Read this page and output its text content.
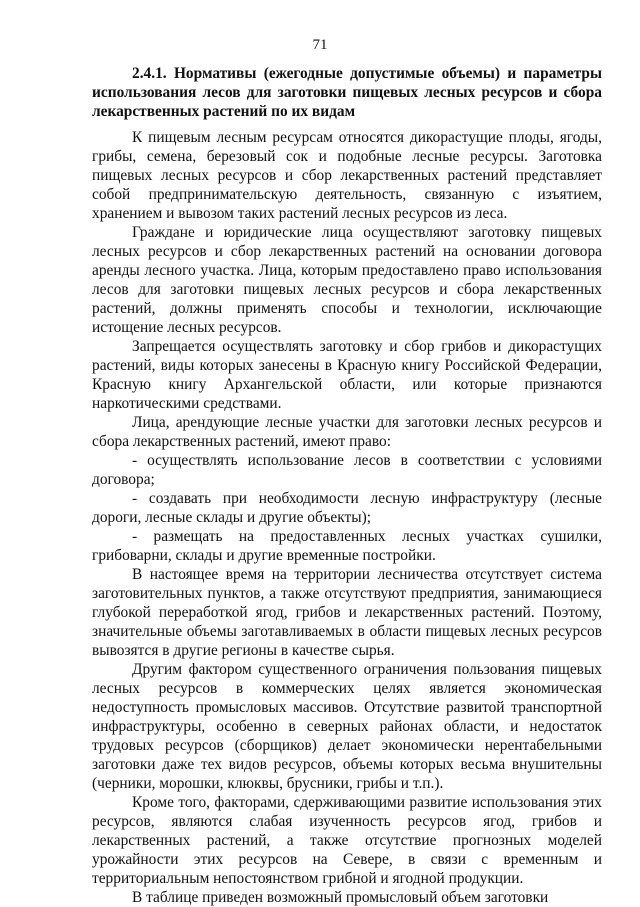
71
2.4.1. Нормативы (ежегодные допустимые объемы) и параметры использования лесов для заготовки пищевых лесных ресурсов и сбора лекарственных растений по их видам

К пищевым лесным ресурсам относятся дикорастущие плоды, ягоды, грибы, семена, березовый сок и подобные лесные ресурсы. Заготовка пищевых лесных ресурсов и сбор лекарственных растений представляет собой предпринимательскую деятельность, связанную с изъятием, хранением и вывозом таких растений лесных ресурсов из леса.

Граждане и юридические лица осуществляют заготовку пищевых лесных ресурсов и сбор лекарственных растений на основании договора аренды лесного участка. Лица, которым предоставлено право использования лесов для заготовки пищевых лесных ресурсов и сбора лекарственных растений, должны применять способы и технологии, исключающие истощение лесных ресурсов.

Запрещается осуществлять заготовку и сбор грибов и дикорастущих растений, виды которых занесены в Красную книгу Российской Федерации, Красную книгу Архангельской области, или которые признаются наркотическими средствами.

Лица, арендующие лесные участки для заготовки лесных ресурсов и сбора лекарственных растений, имеют право:

- осуществлять использование лесов в соответствии с условиями договора;

- создавать при необходимости лесную инфраструктуру (лесные дороги, лесные склады и другие объекты);

- размещать на предоставленных лесных участках сушилки, грибоварни, склады и другие временные постройки.

В настоящее время на территории лесничества отсутствует система заготовительных пунктов, а также отсутствуют предприятия, занимающиеся глубокой переработкой ягод, грибов и лекарственных растений. Поэтому, значительные объемы заготавливаемых в области пищевых лесных ресурсов вывозятся в другие регионы в качестве сырья.

Другим фактором существенного ограничения пользования пищевых лесных ресурсов в коммерческих целях является экономическая недоступность промысловых массивов. Отсутствие развитой транспортной инфраструктуры, особенно в северных районах области, и недостаток трудовых ресурсов (сборщиков) делает экономически нерентабельными заготовки даже тех видов ресурсов, объемы которых весьма внушительны (черники, морошки, клюквы, брусники, грибы и т.п.).

Кроме того, факторами, сдерживающими развитие использования этих ресурсов, являются слабая изученность ресурсов ягод, грибов и лекарственных растений, а также отсутствие прогнозных моделей урожайности этих ресурсов на Севере, в связи с временным и территориальным непостоянством грибной и ягодной продукции.

В таблице приведен возможный промысловый объем заготовки
